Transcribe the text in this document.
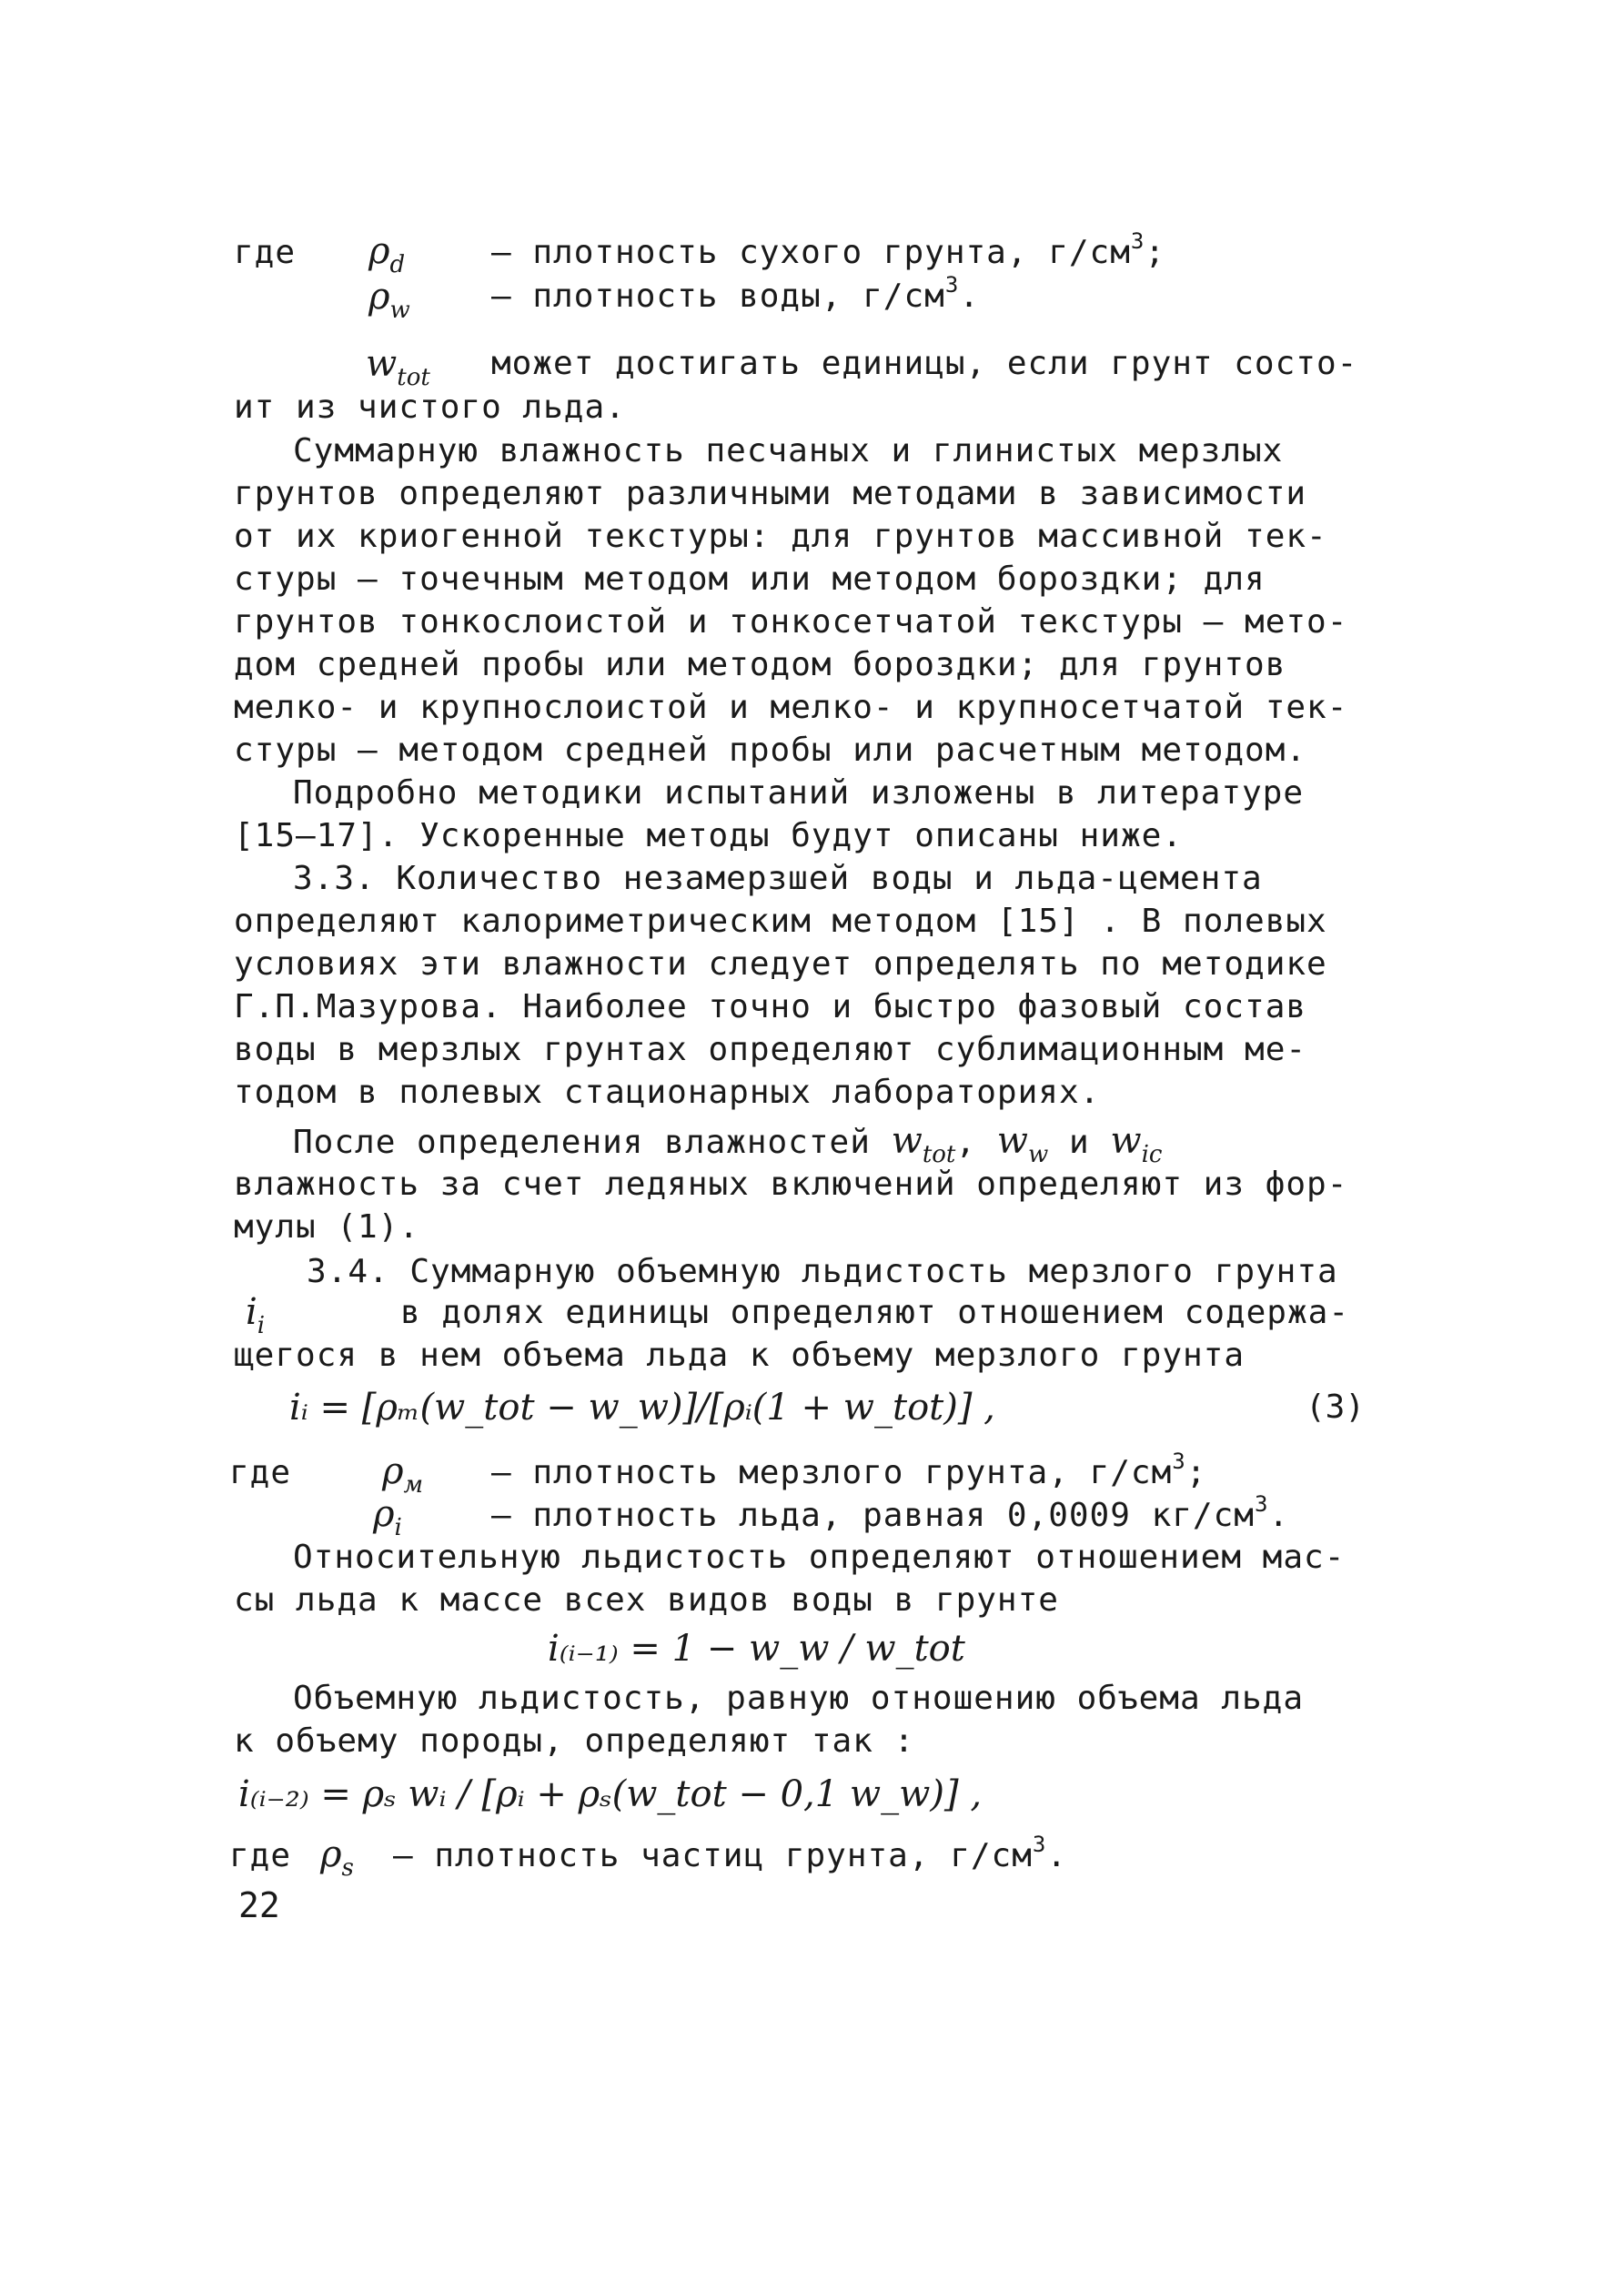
где $\rho_d$	– плотность сухого грунта, $г/см^3$;
$\rho_w$ – плотность воды, $г/см^3$.
$w_{tot}$ может достигать единицы, если грунт состо-
ит из чистого льда.
Суммарную влажность песчаных и глинистых мерзлых
грунтов определяют различными методами в зависимости
от их криогенной текстуры: для грунтов массивной тек-
стуры – точечным методом или методом бороздки; для
грунтов тонкослоистой и тонкосетчатой текстуры – мето-
дом средней пробы или методом бороздки; для грунтов
мелко- и крупнослоистой и мелко- и крупносетчатой тек-
стуры – методом средней пробы или расчетным методом.
Подробно методики испытаний изложены в литературе
[15–17]. Ускоренные методы будут описаны ниже.
3.3. Количество незамерзшей воды и льда-цемента
определяют калориметрическим методом [15] . В полевых
условиях эти влажности следует определять по методике
Г.П.Мазурова. Наиболее точно и быстро фазовый состав
воды в мерзлых грунтах определяют сублимационным ме-
тодом в полевых стационарных лабораториях.
После определения влажностей $w_{tot}$, $w_w$ и $w_{ic}$
влажность за счет ледяных включений определяют из фор-
мулы (1).
3.4. Суммарную объемную льдистость мерзлого грунта
$i_i$	в долях единицы определяют отношением содержа-
щегося в нем объема льда к объему мерзлого грунта
iᵢ = [ρₘ(w_tot − w_w)]/[ρᵢ(1 + w_tot)] ,	(3)
где $\rho_м$ – плотность мерзлого грунта, $г/см^3$;
$\rho_i$	– плотность льда, равная 0,0009 $кг/см^3$.
Относительную льдистость определяют отношением мас-
сы льда к массе всех видов воды в грунте
i₍ᵢ₋₁₎ = 1 − w_w / w_tot
Объемную льдистость, равную отношению объема льда
к объему породы, определяют так :
i₍ᵢ₋₂₎ = ρₛ wᵢ / [ρᵢ + ρₛ(w_tot − 0,1 w_w)] ,
где $\rho_s$ – плотность частиц грунта, $г/см^3$.
22
